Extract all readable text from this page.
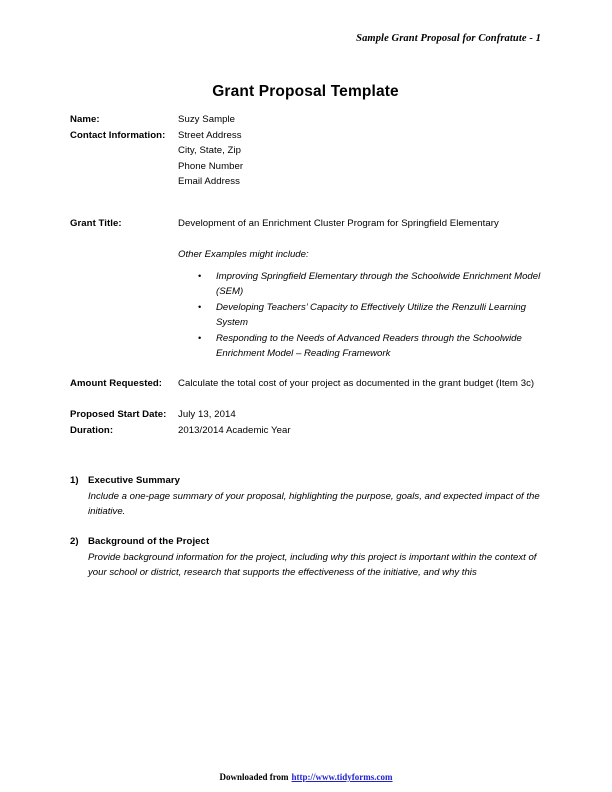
Sample Grant Proposal for Confratute - 1
Grant Proposal Template
Name:	Suzy Sample
Contact Information:	Street Address
City, State, Zip
Phone Number
Email Address
Grant Title:	Development of an Enrichment Cluster Program for Springfield Elementary
Other Examples might include:
• Improving Springfield Elementary through the Schoolwide Enrichment Model (SEM)
• Developing Teachers’ Capacity to Effectively Utilize the Renzulli Learning System
• Responding to the Needs of Advanced Readers through the Schoolwide Enrichment Model – Reading Framework
Amount Requested:	Calculate the total cost of your project as documented in the grant budget (Item 3c)
Proposed Start Date:	July 13, 2014
Duration:	2013/2014 Academic Year
1) Executive Summary
Include a one-page summary of your proposal, highlighting the purpose, goals, and expected impact of the initiative.
2) Background of the Project
Provide background information for the project, including why this project is important within the context of your school or district, research that supports the effectiveness of the initiative, and why this
Downloaded from http://www.tidyforms.com
